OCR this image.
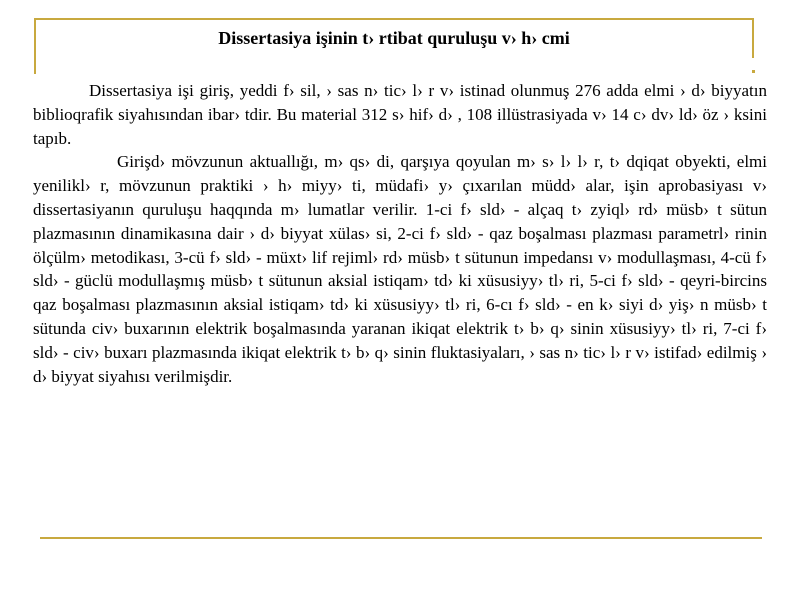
Dissertasiya işinin t› rtibat quruluşu v› h› cmi

Dissertasiya işi giriş, yeddi f› sil, › sas n› tic› l› r v› istinad olunmuş 276 adda elmi › d› biyyatın biblioqrafik siyahısından ibar› tdir. Bu material 312 s› hif› d› , 108 illüstrasiyada v› 14 c› dv› ld› öz › ksini tapıb.

Girişd› mövzunun aktuallığı, m› qs› di, qarşıya qoyulan m› s› l› l› r, t› dqiqat obyekti, elmi yenilikl› r, mövzunun praktiki › h› miyy› ti, müdafi› y› çıxarılan müdd› alar, işin aprobasiyası v› dissertasiyanın quruluşu haqqında m› lumatlar verilir. 1-ci f› sld› - alçaq t› zyiql› rd› müsb› t sütun plazmasının dinamikasına dair › d› biyyat xülas› si, 2-ci f› sld› - qaz boşalması plazması parametrl› rinin ölçülm› metodikası, 3-cü f› sld› - müxt› lif rejiml› rd› müsb› t sütunun impedansı v› modullaşması, 4-cü f› sld› - güclü modullaşmış müsb› t sütunun aksial istiqam› td› ki xüsusiyy› tl› ri, 5-ci f› sld› - qeyri-bircins qaz boşalması plazmasının aksial istiqam› td› ki xüsusiyy› tl› ri, 6-cı f› sld› - en k› siyi d› yiş› n müsb› t sütunda civ› buxarının elektrik boşalmasında yaranan ikiqat elektrik t› b› q› sinin xüsusiyy› tl› ri, 7-ci f› sld› - civ› buxarı plazmasında ikiqat elektrik t› b› q› sinin fluktasiyaları, › sas n› tic› l› r v› istifad› edilmiş › d› biyyat siyahısı verilmişdir.
